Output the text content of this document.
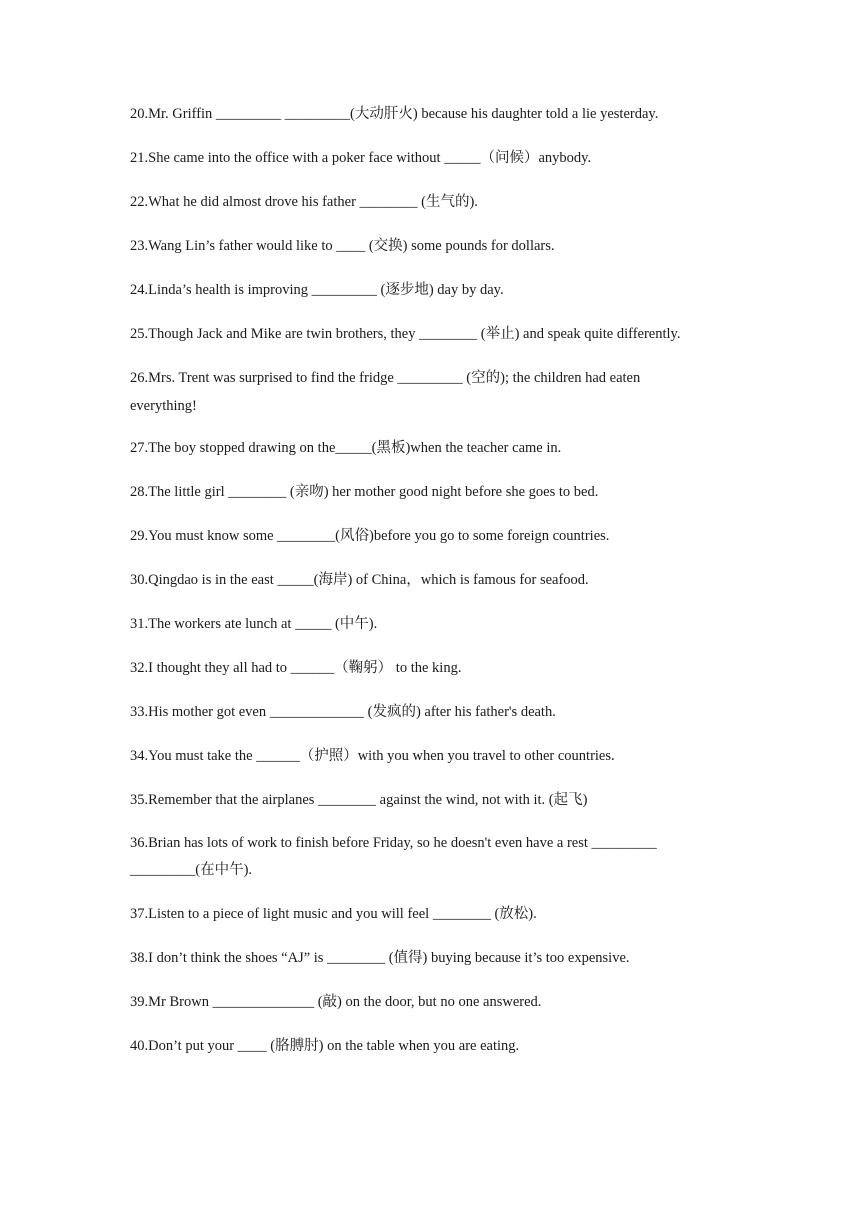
20.Mr. Griffin _________ _________(大动肝火) because his daughter told a lie yesterday.

21.She came into the office with a poker face without _____（问候）anybody.

22.What he did almost drove his father ________ (生气的).

23.Wang Lin’s father would like to ____ (交换) some pounds for dollars.

24.Linda’s health is improving _________ (逐步地) day by day.

25.Though Jack and Mike are twin brothers, they ________ (举止) and speak quite differently.

26.Mrs. Trent was surprised to find the fridge _________ (空的); the children had eaten

everything!

27.The boy stopped drawing on the_____(黑板)when the teacher came in.

28.The little girl ________ (亲吻) her mother good night before she goes to bed.

29.You must know some ________(风俗)before you go to some foreign countries.

30.Qingdao is in the east _____(海岸) of China，which is famous for seafood.

31.The workers ate lunch at _____ (中午).

32.I thought they all had to ______（鞠躬） to the king.

33.His mother got even _____________ (发疯的) after his father's death.

34.You must take the ______（护照）with you when you travel to other countries.

35.Remember that the airplanes ________ against the wind, not with it. (起飞)

36.Brian has lots of work to finish before Friday, so he doesn't even have a rest _________

_________(在中午).

37.Listen to a piece of light music and you will feel ________ (放松).

38.I don’t think the shoes “AJ” is ________ (值得) buying because it’s too expensive.

39.Mr Brown ______________ (敲) on the door, but no one answered.

40.Don’t put your ____ (胳膊肘) on the table when you are eating.
